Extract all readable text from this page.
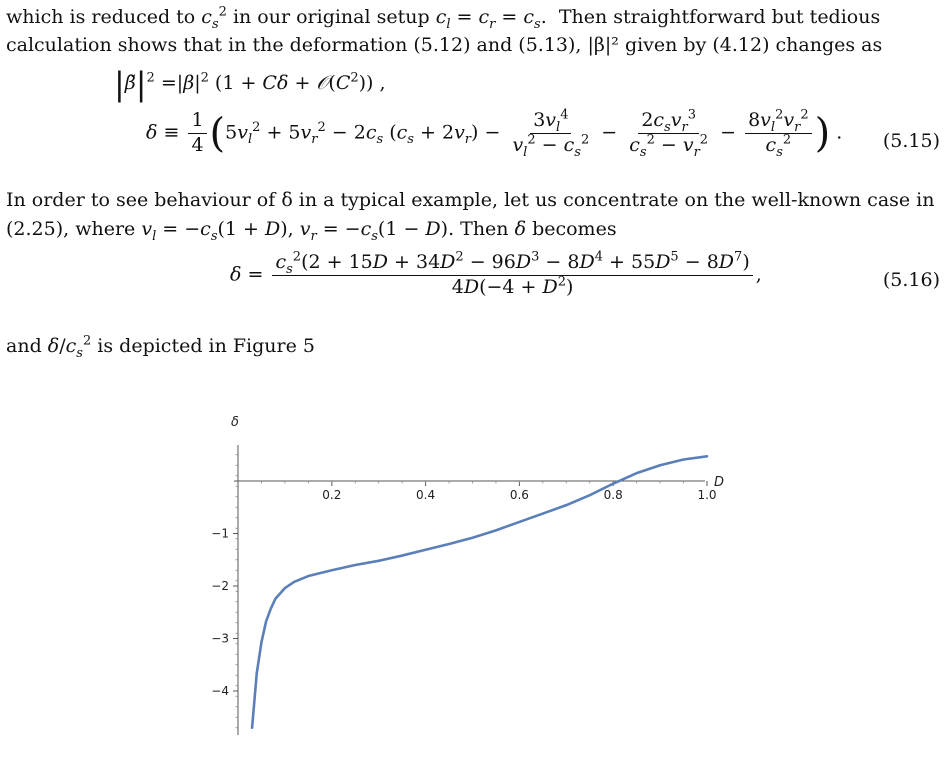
which is reduced to $c_s^2$ in our original setup $c_l = c_r = c_s$.  Then straightforward but tedious
calculation shows that in the deformation (5.12) and (5.13), |β|² given by (4.12) changes as
$|\betã|^2 =|\beta|^2$ $(1 + C\delta + 𝒪(C^2))$ ,
$\delta \equiv \frac{1}{4} (5v_l^2 + 5v_r^2 - 2c_s$ $(c_s + 2v_r) - \frac{3v_l^4}{v_l^2 - c_s^2} - \frac{2c_sv_r^3}{c_s^2 - v_r^2} - \frac{8v_l^2v_r^2}{c_s^2}$ ) . (5.15)
In order to see behaviour of δ in a typical example, let us concentrate on the well-known case in
(2.25), where $v_l = -c_s(1 + D)$, $v_r = -c_s(1 - D)$. Then δ becomes
$\delta = \frac{c_s^2(2 + 15D + 34D^2 - 96D^3 - 8D^4 + 55D^5 - 8D^7)}{4D(-4 + D^2)}$ ,	(5.16)
and $\delta/c_s^2$ is depicted in Figure 5
0.2	0.4	0.6	0.8	1.0
−1
−2
−3
−4
D
δ
